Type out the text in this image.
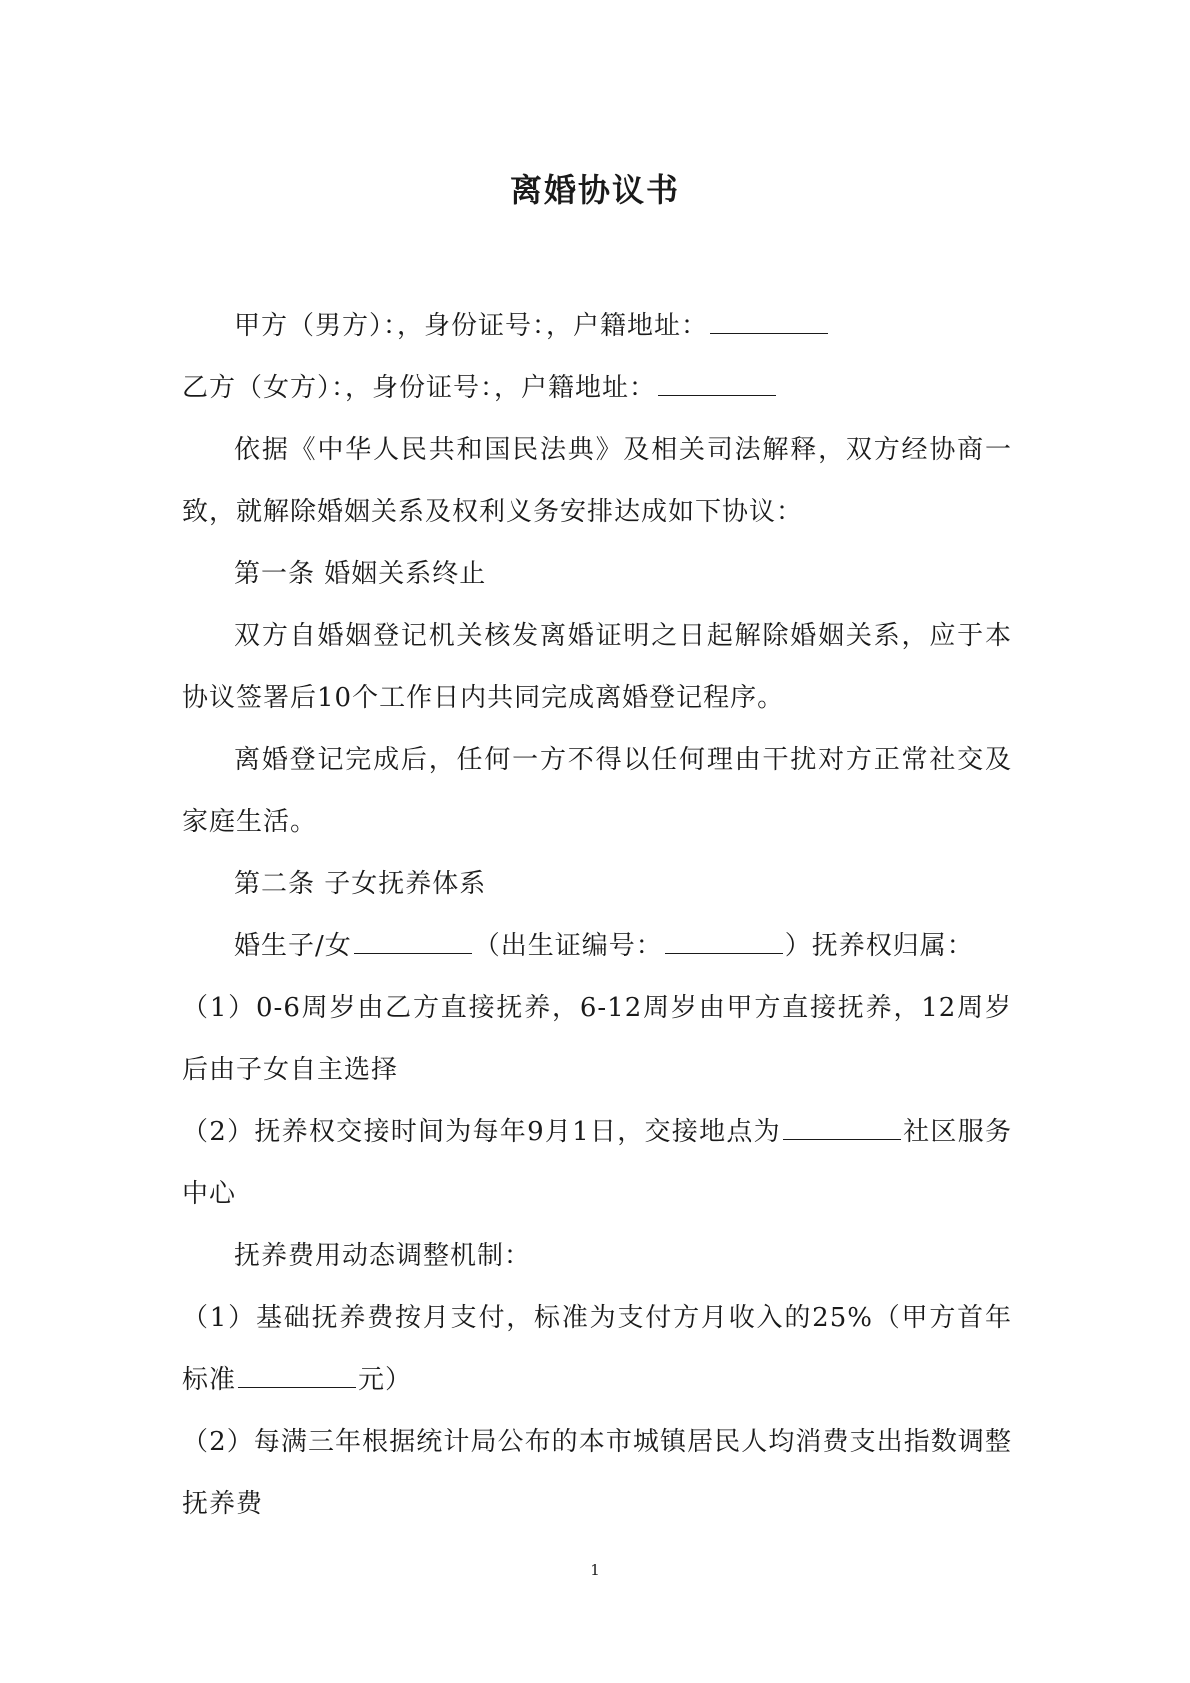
离婚协议书

甲方（男方）：，身份证号：，户籍地址：

乙方（女方）：，身份证号：，户籍地址：

依据《中华人民共和国民法典》及相关司法解释，双方经协商一致，就解除婚姻关系及权利义务安排达成如下协议：

第一条 婚姻关系终止

双方自婚姻登记机关核发离婚证明之日起解除婚姻关系，应于本协议签署后10个工作日内共同完成离婚登记程序。

离婚登记完成后，任何一方不得以任何理由干扰对方正常社交及家庭生活。

第二条 子女抚养体系

婚生子/女	（出生证编号：	）抚养权归属：

（1）0-6周岁由乙方直接抚养，6-12周岁由甲方直接抚养，12周岁后由子女自主选择

（2）抚养权交接时间为每年9月1日，交接地点为	社区服务中心

抚养费用动态调整机制：

（1）基础抚养费按月支付，标准为支付方月收入的25%（甲方首年标准	元）

（2）每满三年根据统计局公布的本市城镇居民人均消费支出指数调整抚养费

1
